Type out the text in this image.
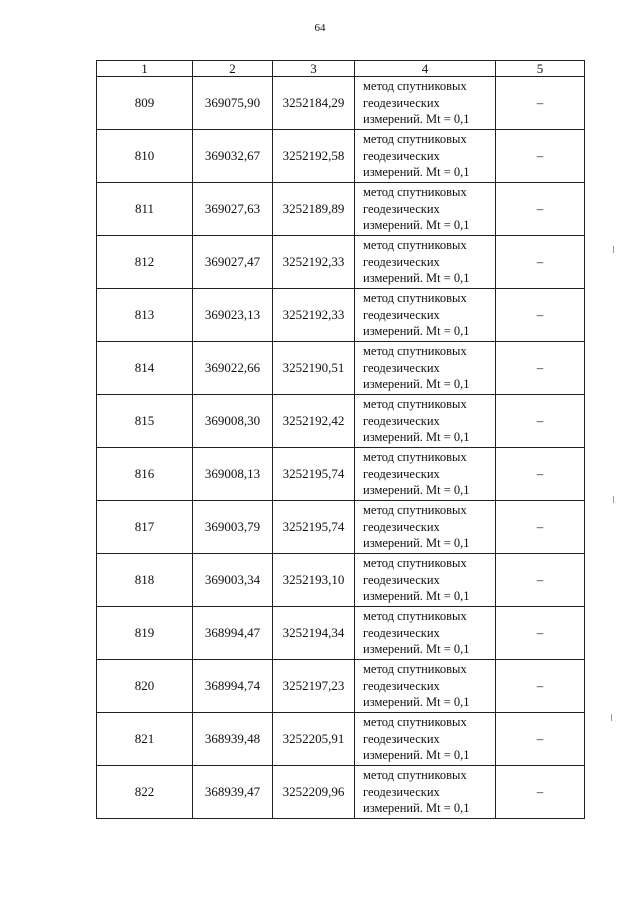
64
1	2	3	4	5
809	369075,90	3252184,29	метод спутниковых
геодезических
измерений. Mt = 0,1	–
810	369032,67	3252192,58	метод спутниковых
геодезических
измерений. Mt = 0,1	–
811	369027,63	3252189,89	метод спутниковых
геодезических
измерений. Mt = 0,1	–
812	369027,47	3252192,33	метод спутниковых
геодезических
измерений. Mt = 0,1	–
813	369023,13	3252192,33	метод спутниковых
геодезических
измерений. Mt = 0,1	–
814	369022,66	3252190,51	метод спутниковых
геодезических
измерений. Mt = 0,1	–
815	369008,30	3252192,42	метод спутниковых
геодезических
измерений. Mt = 0,1	–
816	369008,13	3252195,74	метод спутниковых
геодезических
измерений. Mt = 0,1	–
817	369003,79	3252195,74	метод спутниковых
геодезических
измерений. Mt = 0,1	–
818	369003,34	3252193,10	метод спутниковых
геодезических
измерений. Mt = 0,1	–
819	368994,47	3252194,34	метод спутниковых
геодезических
измерений. Mt = 0,1	–
820	368994,74	3252197,23	метод спутниковых
геодезических
измерений. Mt = 0,1	–
821	368939,48	3252205,91	метод спутниковых
геодезических
измерений. Mt = 0,1	–
822	368939,47	3252209,96	метод спутниковых
геодезических
измерений. Mt = 0,1	–
